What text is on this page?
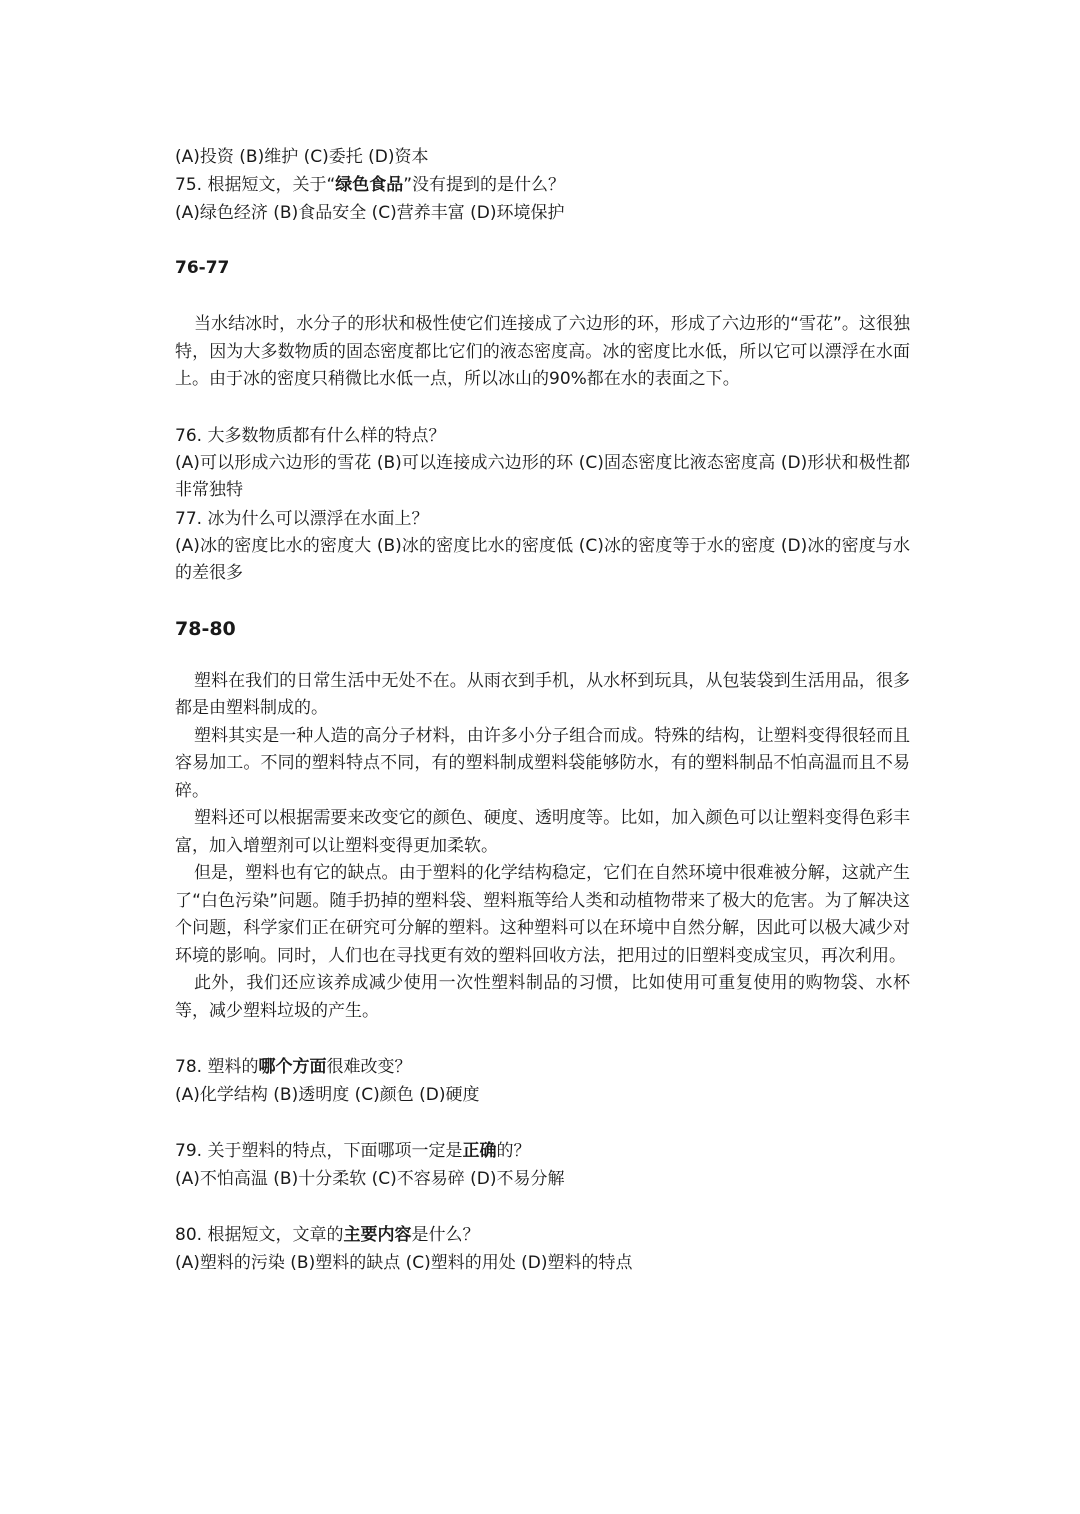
(A)投资 (B)维护 (C)委托 (D)资本
75. 根据短文，关于“绿色食品”没有提到的是什么？
(A)绿色经济 (B)食品安全 (C)营养丰富 (D)环境保护
76-77
当水结冰时，水分子的形状和极性使它们连接成了六边形的环，形成了六边形的“雪花”。这很独特，因为大多数物质的固态密度都比它们的液态密度高。冰的密度比水低，所以它可以漂浮在水面上。由于冰的密度只稍微比水低一点，所以冰山的90%都在水的表面之下。
76. 大多数物质都有什么样的特点？
(A)可以形成六边形的雪花 (B)可以连接成六边形的环 (C)固态密度比液态密度高 (D)形状和极性都非常独特
77. 冰为什么可以漂浮在水面上？
(A)冰的密度比水的密度大 (B)冰的密度比水的密度低 (C)冰的密度等于水的密度 (D)冰的密度与水的差很多
78-80
塑料在我们的日常生活中无处不在。从雨衣到手机，从水杯到玩具，从包装袋到生活用品，很多都是由塑料制成的。
塑料其实是一种人造的高分子材料，由许多小分子组合而成。特殊的结构，让塑料变得很轻而且容易加工。不同的塑料特点不同，有的塑料制成塑料袋能够防水，有的塑料制品不怕高温而且不易碎。
塑料还可以根据需要来改变它的颜色、硬度、透明度等。比如，加入颜色可以让塑料变得色彩丰富，加入增塑剂可以让塑料变得更加柔软。
但是，塑料也有它的缺点。由于塑料的化学结构稳定，它们在自然环境中很难被分解，这就产生了“白色污染”问题。随手扔掉的塑料袋、塑料瓶等给人类和动植物带来了极大的危害。为了解决这个问题，科学家们正在研究可分解的塑料。这种塑料可以在环境中自然分解，因此可以极大减少对环境的影响。同时，人们也在寻找更有效的塑料回收方法，把用过的旧塑料变成宝贝，再次利用。
此外，我们还应该养成减少使用一次性塑料制品的习惯，比如使用可重复使用的购物袋、水杯等，减少塑料垃圾的产生。
78. 塑料的哪个方面很难改变？
(A)化学结构 (B)透明度 (C)颜色 (D)硬度
79. 关于塑料的特点，下面哪项一定是正确的？
(A)不怕高温 (B)十分柔软 (C)不容易碎 (D)不易分解
80. 根据短文，文章的主要内容是什么？
(A)塑料的污染 (B)塑料的缺点 (C)塑料的用处 (D)塑料的特点
